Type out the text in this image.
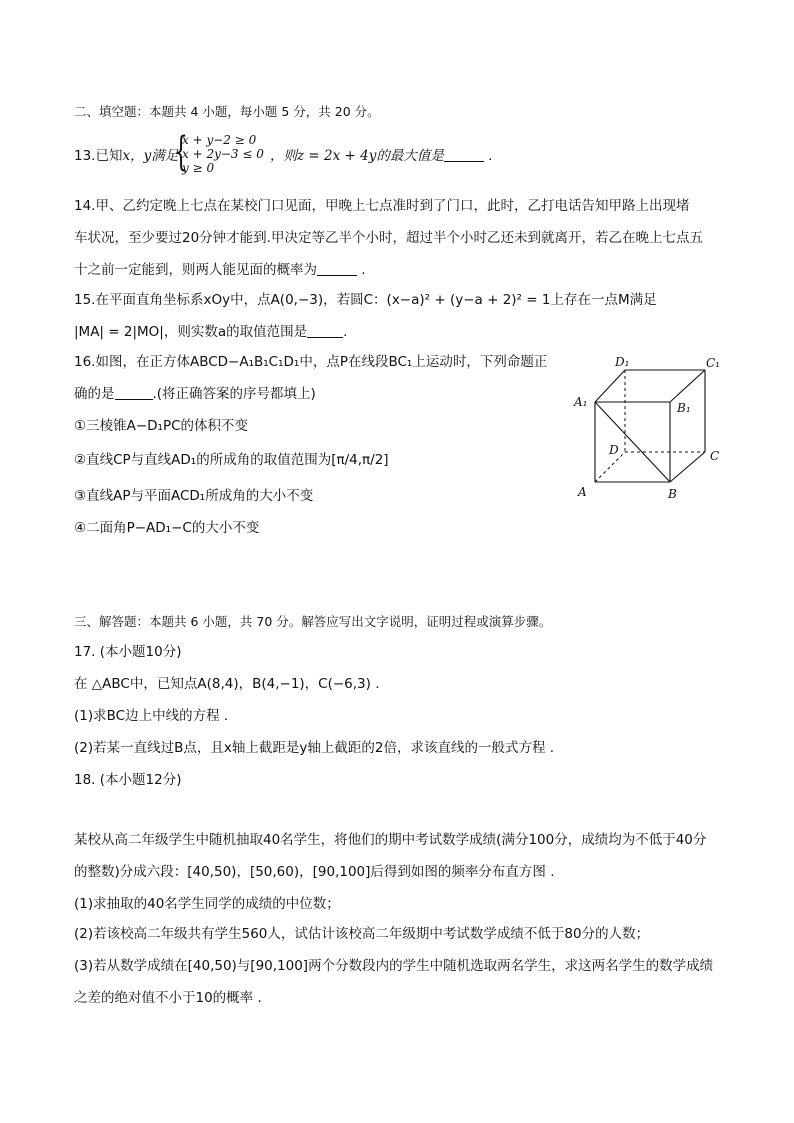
二、填空题：本题共 4 小题，每小题 5 分，共 20 分。
13.已知x，y满足
{
x + y−2 ≥ 0
x + 2y−3 ≤ 0
y ≥ 0
，则z = 2x + 4y的最大值是	.
14.甲、乙约定晚上七点在某校门口见面，甲晚上七点准时到了门口，此时，乙打电话告知甲路上出现堵
车状况，至少要过20分钟才能到.甲决定等乙半个小时，超过半个小时乙还未到就离开，若乙在晚上七点五
十之前一定能到，则两人能见面的概率为	.
15.在平面直角坐标系xOy中，点A(0,−3)，若圆C：(x−a)² + (y−a + 2)² = 1上存在一点M满足
|MA| = 2|MO|，则实数a的取值范围是	.
16.如图，在正方体ABCD−A₁B₁C₁D₁中，点P在线段BC₁上运动时，下列命题正
确的是	.(将正确答案的序号都填上)
①三棱锥A−D₁PC的体积不变
②直线CP与直线AD₁的所成角的取值范围为[π/4,π/2]
③直线AP与平面ACD₁所成角的大小不变
④二面角P−AD₁−C的大小不变
A₁	B₁
C₁
D₁
D	C
A	B
三、解答题：本题共 6 小题，共 70 分。解答应写出文字说明，证明过程或演算步骤。
17. (本小题10分)
在 △ABC中，已知点A(8,4)，B(4,−1)，C(−6,3) .
(1)求BC边上中线的方程 .
(2)若某一直线过B点，且x轴上截距是y轴上截距的2倍，求该直线的一般式方程 .
18. (本小题12分)
某校从高二年级学生中随机抽取40名学生，将他们的期中考试数学成绩(满分100分，成绩均为不低于40分
的整数)分成六段：[40,50)，[50,60)，[90,100]后得到如图的频率分布直方图 .
(1)求抽取的40名学生同学的成绩的中位数；
(2)若该校高二年级共有学生560人，试估计该校高二年级期中考试数学成绩不低于80分的人数；
(3)若从数学成绩在[40,50)与[90,100]两个分数段内的学生中随机选取两名学生，求这两名学生的数学成绩
之差的绝对值不小于10的概率 .
